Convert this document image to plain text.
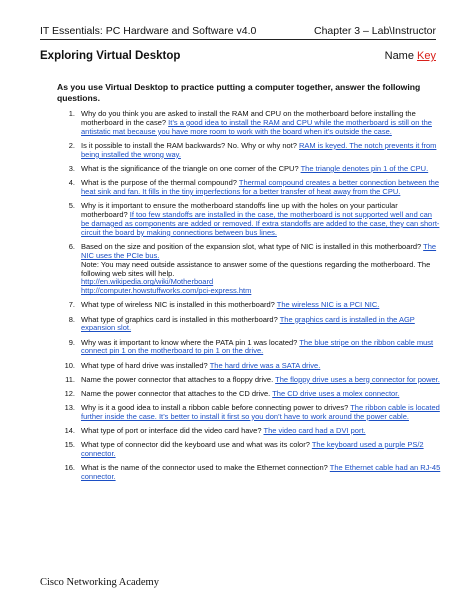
IT Essentials: PC Hardware and Software v4.0	Chapter 3 – Lab\Instructor
Exploring Virtual Desktop	Name Key
As you use Virtual Desktop to practice putting a computer together, answer the following questions.
1. Why do you think you are asked to install the RAM and CPU on the motherboard before installing the motherboard in the case? It’s a good idea to install the RAM and CPU while the motherboard is still on the antistatic mat because you have more room to work with the board when it’s outside the case.
2. Is it possible to install the RAM backwards? No. Why or why not? RAM is keyed. The notch prevents it from being installed the wrong way.
3. What is the significance of the triangle on one corner of the CPU? The triangle denotes pin 1 of the CPU.
4. What is the purpose of the thermal compound? Thermal compound creates a better connection between the heat sink and fan. It fills in the tiny imperfections for a better transfer of heat away from the CPU.
5. Why is it important to ensure the motherboard standoffs line up with the holes on your particular motherboard? If too few standoffs are installed in the case, the motherboard is not supported well and can be damaged as components are added or removed. If extra standoffs are added to the case, they can short-circuit the board by making connections between bus lines.
6. Based on the size and position of the expansion slot, what type of NIC is installed in this motherboard? The NIC uses the PCIe bus.
Note: You may need outside assistance to answer some of the questions regarding the motherboard. The following web sites will help.
http://en.wikipedia.org/wiki/Motherboard
http://computer.howstuffworks.com/pci-express.htm
7. What type of wireless NIC is installed in this motherboard? The wireless NIC is a PCI NIC.
8. What type of graphics card is installed in this motherboard? The graphics card is installed in the AGP expansion slot.
9. Why was it important to know where the PATA pin 1 was located? The blue stripe on the ribbon cable must connect pin 1 on the motherboard to pin 1 on the drive.
10. What type of hard drive was installed? The hard drive was a SATA drive.
11. Name the power connector that attaches to a floppy drive. The floppy drive uses a berg connector for power.
12. Name the power connector that attaches to the CD drive. The CD drive uses a molex connector.
13. Why is it a good idea to install a ribbon cable before connecting power to drives? The ribbon cable is located further inside the case. It’s better to install it first so you don’t have to work around the power cable.
14. What type of port or interface did the video card have? The video card had a DVI port.
15. What type of connector did the keyboard use and what was its color? The keyboard used a purple PS/2 connector.
16. What is the name of the connector used to make the Ethernet connection? The Ethernet cable had an RJ-45 connector.
Cisco Networking Academy
